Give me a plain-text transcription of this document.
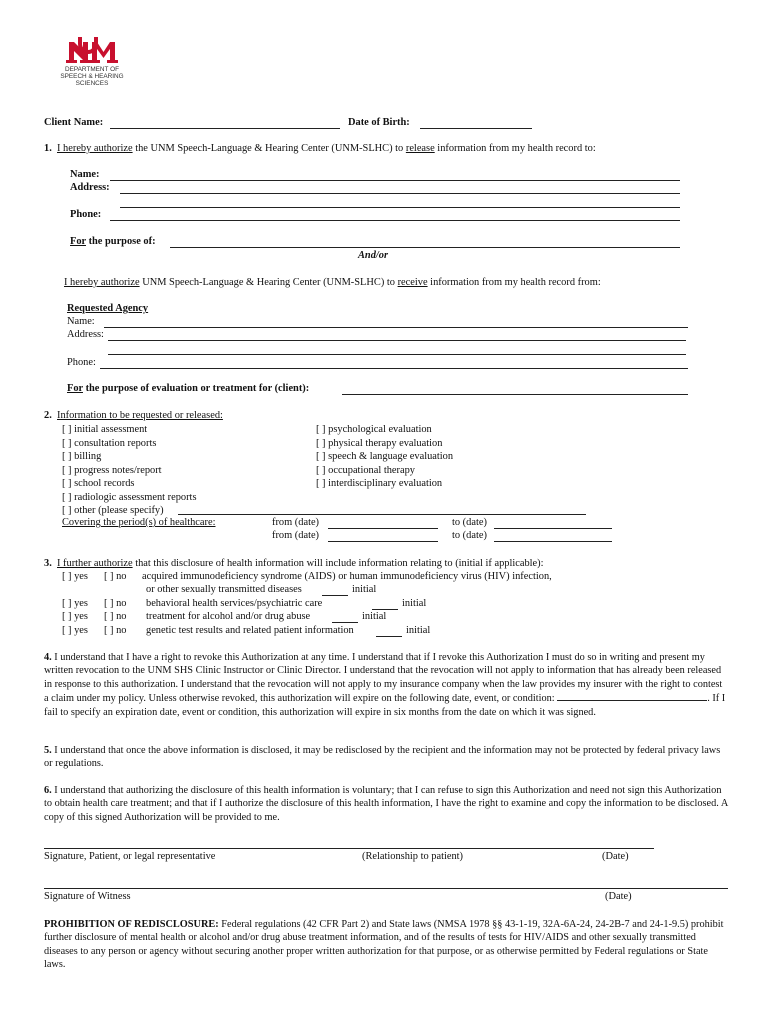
DEPARTMENT OF
SPEECH & HEARING
SCIENCES
Client Name:	Date of Birth:
1. I hereby authorize the UNM Speech-Language & Hearing Center (UNM-SLHC) to release information from my health record to:
Name:
Address:
Phone:
For the purpose of:
And/or
I hereby authorize UNM Speech-Language & Hearing Center (UNM-SLHC) to receive information from my health record from:
Requested Agency
Name:
Address:
Phone:
For the purpose of evaluation or treatment for (client):
2. Information to be requested or released:
[ ] initial assessment
[ ] consultation reports
[ ] billing
[ ] progress notes/report
[ ] school records
[ ] radiologic assessment reports
[ ] other (please specify)
[ ] psychological evaluation
[ ] physical therapy evaluation
[ ] speech & language evaluation
[ ] occupational therapy
[ ] interdisciplinary evaluation
Covering the period(s) of healthcare:	from (date)	to (date)
from (date)	to (date)
3. I further authorize that this disclosure of health information will include information relating to (initial if applicable):
[ ] yes [ ] no acquired immunodeficiency syndrome (AIDS) or human immunodeficiency virus (HIV) infection,
or other sexually transmitted diseases	initial
[ ] yes [ ] no behavioral health services/psychiatric care	initial
[ ] yes [ ] no treatment for alcohol and/or drug abuse	initial
[ ] yes [ ] no genetic test results and related patient information	initial
4. I understand that I have a right to revoke this Authorization at any time. I understand that if I revoke this Authorization I must do so in writing and present my written revocation to the UNM SHS Clinic Instructor or Clinic Director. I understand that the revocation will not apply to information that has already been released in response to this authorization. I understand that the revocation will not apply to my insurance company when the law provides my insurer with the right to contest a claim under my policy. Unless otherwise revoked, this authorization will expire on the following date, event, or condition:	. If I fail to specify an expiration date, event or condition, this authorization will expire in six months from the date on which it was signed.
5. I understand that once the above information is disclosed, it may be redisclosed by the recipient and the information may not be protected by federal privacy laws or regulations.
6. I understand that authorizing the disclosure of this health information is voluntary; that I can refuse to sign this Authorization and need not sign this Authorization to obtain health care treatment; and that if I authorize the disclosure of this health information, I have the right to examine and copy the information to be disclosed. A copy of this signed Authorization will be provided to me.
Signature, Patient, or legal representative	(Relationship to patient)	(Date)
Signature of Witness	(Date)
PROHIBITION OF REDISCLOSURE: Federal regulations (42 CFR Part 2) and State laws (NMSA 1978 §§ 43-1-19, 32A-6A-24, 24-2B-7 and 24-1-9.5) prohibit further disclosure of mental health or alcohol and/or drug abuse treatment information, and of the results of tests for HIV/AIDS and other sexually transmitted diseases to any person or agency without securing another proper written authorization for that purpose, or as otherwise permitted by Federal regulations or State laws.
